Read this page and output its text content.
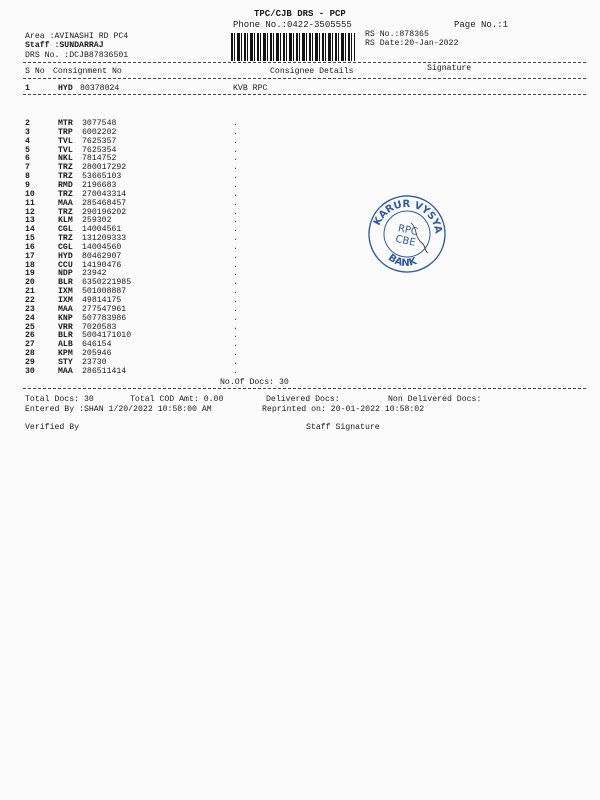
TPC/CJB DRS - PCP
Phone No.:0422-3505555	Page No.:1
Area :AVINASHI RD PC4
Staff :SUNDARRAJ
DRS No. :DCJB87836501
RS No.:878365
RS Date:20-Jan-2022
S No Consignment No	Consignee Details	Signature
1	HYD 80378024	KVB RPC
2	MTR 3077548	.
3	TRP 6002202	.
4	TVL 7625357	.
5	TVL 7625354	.
6	NKL 7814752	.
7	TRZ 280017292	.
8	TRZ 53665103	.
9	RMD 2196683	.
10	TRZ 270043314	.
11	MAA 285468457	.
12	TRZ 290196202	.
13	KLM 259302	.
14	CGL 14004561	.
15	TRZ 131209333	.
16	CGL 14004560	.
17	HYD 80462907	.
18	CCU 14190476	.
19	NDP 23942	.
20	BLR 6350221985	.
21	IXM 501008887	.
22	IXM 49814175	.
23	MAA 277547961	.
24	KNP 507783986	.
25	VRR 7020583	.
26	BLR 5004171010	.
27	ALB 646154	.
28	KPM 205946	.
29	STY 23730	.
30	MAA 286511414	.
No.Of Docs: 30
Total Docs: 30	Total COD Amt: 0.00	Delivered Docs:	Non Delivered Docs:
Entered By :SHAN 1/20/2022 10:58:00 AM	Reprinted on: 20-01-2022 10:58:02
Verified By	Staff Signature
KARUR VYSYA
BANK
RPC
CBE
